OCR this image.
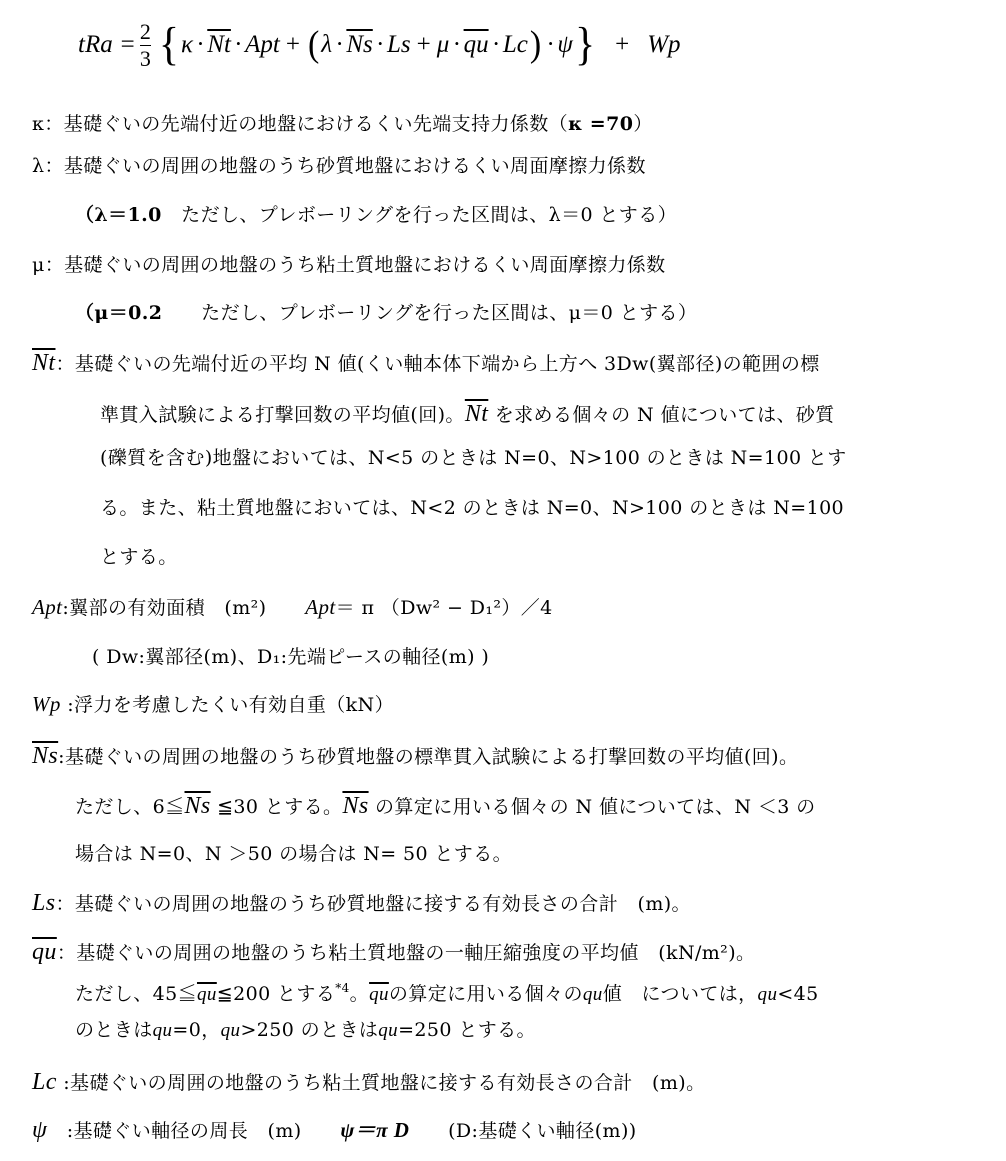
tRa = $\frac{2}{3}$ { $\kappa \cdot \overline{Nt}$ · Apt + ( $\lambda \cdot \overline{Ns} \cdot Ls + \mu \cdot \overline{qu} \cdot Lc$ ) · ψ } + Wp
κ：基礎ぐいの先端付近の地盤におけるくい先端支持力係数（κ =70）
λ：基礎ぐいの周囲の地盤のうち砂質地盤におけるくい周面摩擦力係数
（λ＝1.0　ただし、プレボーリングを行った区間は、λ＝0 とする）
μ：基礎ぐいの周囲の地盤のうち粘土質地盤におけるくい周面摩擦力係数
（μ＝0.2　　ただし、プレボーリングを行った区間は、μ＝0 とする）
$\overline{Nt}$：基礎ぐいの先端付近の平均 N 値(くい軸本体下端から上方へ 3Dw(翼部径)の範囲の標
準貫入試験による打撃回数の平均値(回)。$\overline{Nt}$ を求める個々の N 値については、砂質
(礫質を含む)地盤においては、N<5 のときは N=0、N>100 のときは N=100 とす
る。また、粘土質地盤においては、N<2 のときは N=0、N>100 のときは N=100
とする。
Apt:翼部の有効面積　(m²)　　Apt＝ π （Dw² − D₁²）／4
( Dw:翼部径(m)、D₁:先端ピースの軸径(m) )
Wp :浮力を考慮したくい有効自重（kN）
$\overline{Ns}$:基礎ぐいの周囲の地盤のうち砂質地盤の標準貫入試験による打撃回数の平均値(回)。
ただし、$6≦\overline{Ns}$ ≦30 とする。$\overline{Ns}$ の算定に用いる個々の N 値については、N ＜3 の
場合は N=0、N ＞50 の場合は N= 50 とする。
Ls：基礎ぐいの周囲の地盤のうち砂質地盤に接する有効長さの合計　(m)。
$\overline{qu}$：基礎ぐいの周囲の地盤のうち粘土質地盤の一軸圧縮強度の平均値　(kN/m²)。
ただし、$45≦\overline{qu}≦200$ とする$^{*4}$。$\overline{qu}$の算定に用いる個々のqu値　については，qu<45
のときはqu=0，qu>250 のときはqu=250 とする。
Lc :基礎ぐいの周囲の地盤のうち粘土質地盤に接する有効長さの合計　(m)。
ψ　:基礎ぐい軸径の周長　(m)　　ψ＝π D　　(D:基礎くい軸径(m))
